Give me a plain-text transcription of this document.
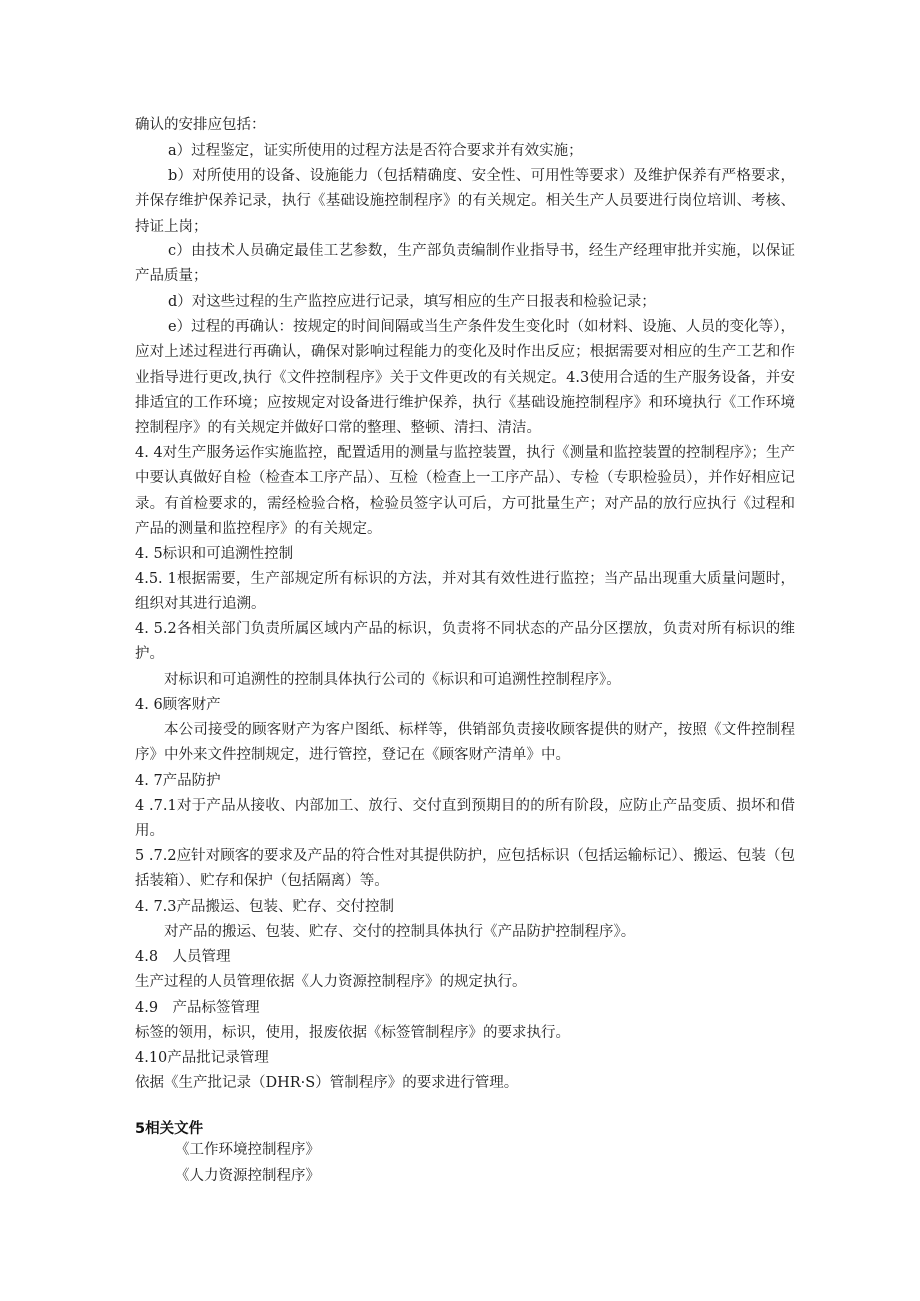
确认的安排应包括：

a）过程鉴定，证实所使用的过程方法是否符合要求并有效实施；

b）对所使用的设备、设施能力（包括精确度、安全性、可用性等要求）及维护保养有严格要求，并保存维护保养记录，执行《基础设施控制程序》的有关规定。相关生产人员要进行岗位培训、考核、持证上岗；

c）由技术人员确定最佳工艺参数，生产部负责编制作业指导书，经生产经理审批并实施，以保证产品质量；

d）对这些过程的生产监控应进行记录，填写相应的生产日报表和检验记录；

e）过程的再确认：按规定的时间间隔或当生产条件发生变化时（如材料、设施、人员的变化等），应对上述过程进行再确认，确保对影响过程能力的变化及时作出反应；根据需要对相应的生产工艺和作业指导进行更改,执行《文件控制程序》关于文件更改的有关规定。4.3使用合适的生产服务设备，并安排适宜的工作环境；应按规定对设备进行维护保养，执行《基础设施控制程序》和环境执行《工作环境控制程序》的有关规定并做好口常的整理、整顿、清扫、清洁。

4. 4对生产服务运作实施监控，配置适用的测量与监控装置，执行《测量和监控装置的控制程序》；生产中要认真做好自检（检查本工序产品）、互检（检查上一工序产品）、专检（专职检验员），并作好相应记录。有首检要求的，需经检验合格，检验员签字认可后，方可批量生产；对产品的放行应执行《过程和产品的测量和监控程序》的有关规定。

4. 5标识和可追溯性控制

4.5. 1根据需要，生产部规定所有标识的方法，并对其有效性进行监控；当产品出现重大质量问题时，组织对其进行追溯。

4. 5.2各相关部门负责所属区域内产品的标识，负责将不同状态的产品分区摆放，负责对所有标识的维护。

对标识和可追溯性的控制具体执行公司的《标识和可追溯性控制程序》。

4. 6顾客财产

本公司接受的顾客财产为客户图纸、标样等，供销部负责接收顾客提供的财产，按照《文件控制程序》中外来文件控制规定，进行管控，登记在《顾客财产清单》中。

4. 7产品防护

4 .7.1对于产品从接收、内部加工、放行、交付直到预期目的的所有阶段，应防止产品变质、损坏和借用。

5 .7.2应针对顾客的要求及产品的符合性对其提供防护，应包括标识（包括运输标记）、搬运、包装（包括装箱）、贮存和保护（包括隔离）等。

4. 7.3产品搬运、包装、贮存、交付控制

对产品的搬运、包装、贮存、交付的控制具体执行《产品防护控制程序》。

4.8　人员管理

生产过程的人员管理依据《人力资源控制程序》的规定执行。

4.9　产品标签管理

标签的领用，标识，使用，报废依据《标签管制程序》的要求执行。

4.10产品批记录管理

依据《生产批记录（DHR·S）管制程序》的要求进行管理。

5相关文件

《工作环境控制程序》

《人力资源控制程序》
